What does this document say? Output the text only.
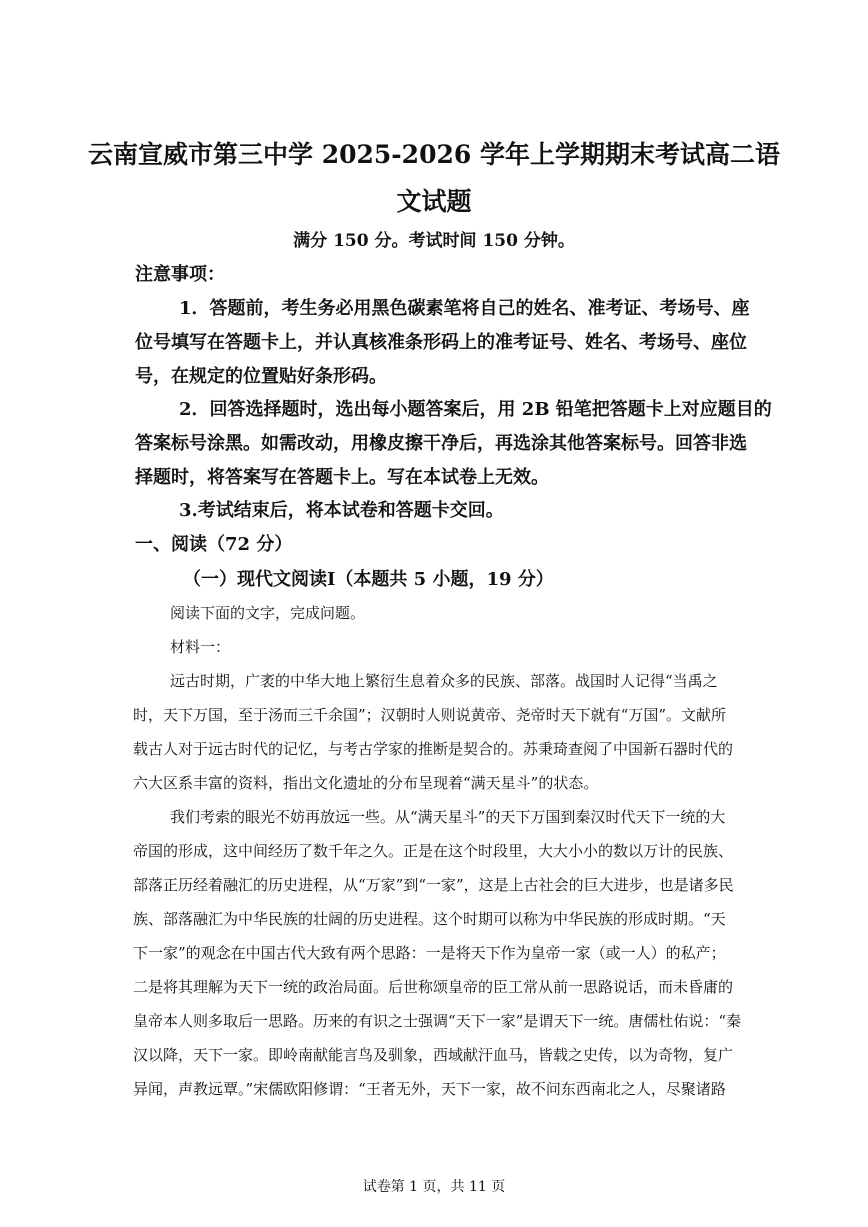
云南宣威市第三中学 2025-2026 学年上学期期末考试高二语
文试题
满分 150 分。考试时间 150 分钟。
注意事项：
1．答题前，考生务必用黑色碳素笔将自己的姓名、准考证、考场号、座
位号填写在答题卡上，并认真核准条形码上的准考证号、姓名、考场号、座位
号，在规定的位置贴好条形码。
2．回答选择题时，选出每小题答案后，用 2B 铅笔把答题卡上对应题目的
答案标号涂黑。如需改动，用橡皮擦干净后，再选涂其他答案标号。回答非选
择题时，将答案写在答题卡上。写在本试卷上无效。
3.考试结束后，将本试卷和答题卡交回。
一、阅读（72 分）
（一）现代文阅读Ⅰ（本题共 5 小题，19 分）
阅读下面的文字，完成问题。
材料一：
远古时期，广袤的中华大地上繁衍生息着众多的民族、部落。战国时人记得“当禹之
时，天下万国，至于汤而三千余国”；汉朝时人则说黄帝、尧帝时天下就有“万国”。文献所
载古人对于远古时代的记忆，与考古学家的推断是契合的。苏秉琦查阅了中国新石器时代的
六大区系丰富的资料，指出文化遗址的分布呈现着“满天星斗”的状态。
我们考索的眼光不妨再放远一些。从“满天星斗”的天下万国到秦汉时代天下一统的大
帝国的形成，这中间经历了数千年之久。正是在这个时段里，大大小小的数以万计的民族、
部落正历经着融汇的历史进程，从“万家”到“一家”，这是上古社会的巨大进步，也是诸多民
族、部落融汇为中华民族的壮阔的历史进程。这个时期可以称为中华民族的形成时期。“天
下一家”的观念在中国古代大致有两个思路：一是将天下作为皇帝一家（或一人）的私产；
二是将其理解为天下一统的政治局面。后世称颂皇帝的臣工常从前一思路说话，而未昏庸的
皇帝本人则多取后一思路。历来的有识之士强调“天下一家”是谓天下一统。唐儒杜佑说：“秦
汉以降，天下一家。即岭南献能言鸟及驯象，西域献汗血马，皆载之史传，以为奇物，复广
异闻，声教远覃。”宋儒欧阳修谓：“王者无外，天下一家，故不问东西南北之人，尽聚诸路
试卷第 1 页，共 11 页
